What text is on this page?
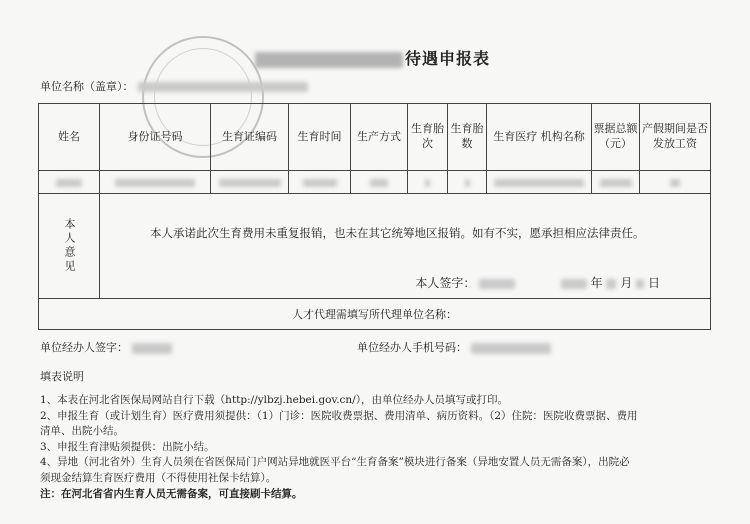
待遇申报表
单位名称（盖章）：
姓名	身份证号码	生育证编码	生育时间	生产方式	生育胎次	生育胎数	生育医疗 机构名称	票据总额（元）	产假期间是否发放工资

本人意见	本人承诺此次生育费用未重复报销，也未在其它统筹地区报销。如有不实，愿承担相应法律责任。
本人签字： 年 月 日								

人才代理需填写所代理单位名称：									
单位经办人签字：	单位经办人手机号码：
填表说明
1、本表在河北省医保局网站自行下载（http://ylbzj.hebei.gov.cn/），由单位经办人员填写或打印。
2、申报生育（或计划生育）医疗费用须提供：（1）门诊：医院收费票据、费用清单、病历资料。（2）住院：医院收费票据、费用
清单、出院小结。
3、申报生育津贴须提供：出院小结。
4、异地（河北省外）生育人员须在省医保局门户网站异地就医平台“生育备案”模块进行备案（异地安置人员无需备案），出院必
须现金结算生育医疗费用（不得使用社保卡结算）。
注：在河北省省内生育人员无需备案，可直接刷卡结算。
